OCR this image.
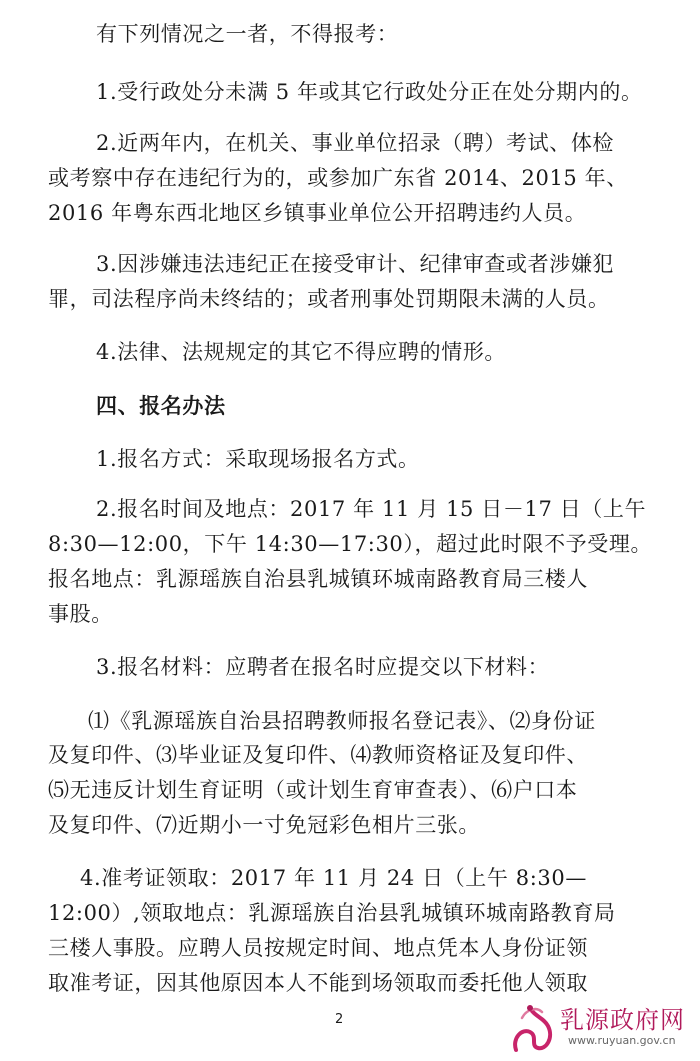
有下列情况之一者，不得报考：
1.受行政处分未满 5 年或其它行政处分正在处分期内的。
2.近两年内，在机关、事业单位招录（聘）考试、体检
或考察中存在违纪行为的，或参加广东省 2014、2015 年、
2016 年粤东西北地区乡镇事业单位公开招聘违约人员。
3.因涉嫌违法违纪正在接受审计、纪律审查或者涉嫌犯
罪，司法程序尚未终结的；或者刑事处罚期限未满的人员。
4.法律、法规规定的其它不得应聘的情形。
四、报名办法
1.报名方式：采取现场报名方式。
2.报名时间及地点：2017 年 11 月 15 日－17 日（上午
8:30—12:00，下午 14:30—17:30），超过此时限不予受理。
报名地点：乳源瑶族自治县乳城镇环城南路教育局三楼人
事股。
3.报名材料：应聘者在报名时应提交以下材料：
⑴《乳源瑶族自治县招聘教师报名登记表》、⑵身份证
及复印件、⑶毕业证及复印件、⑷教师资格证及复印件、
⑸无违反计划生育证明（或计划生育审查表）、⑹户口本
及复印件、⑺近期小一寸免冠彩色相片三张。
4.准考证领取：2017 年 11 月 24 日（上午 8:30—
12:00）,领取地点：乳源瑶族自治县乳城镇环城南路教育局
三楼人事股。应聘人员按规定时间、地点凭本人身份证领
取准考证，因其他原因本人不能到场领取而委托他人领取
2	乳源政府网
www.ruyuan.gov.cn
